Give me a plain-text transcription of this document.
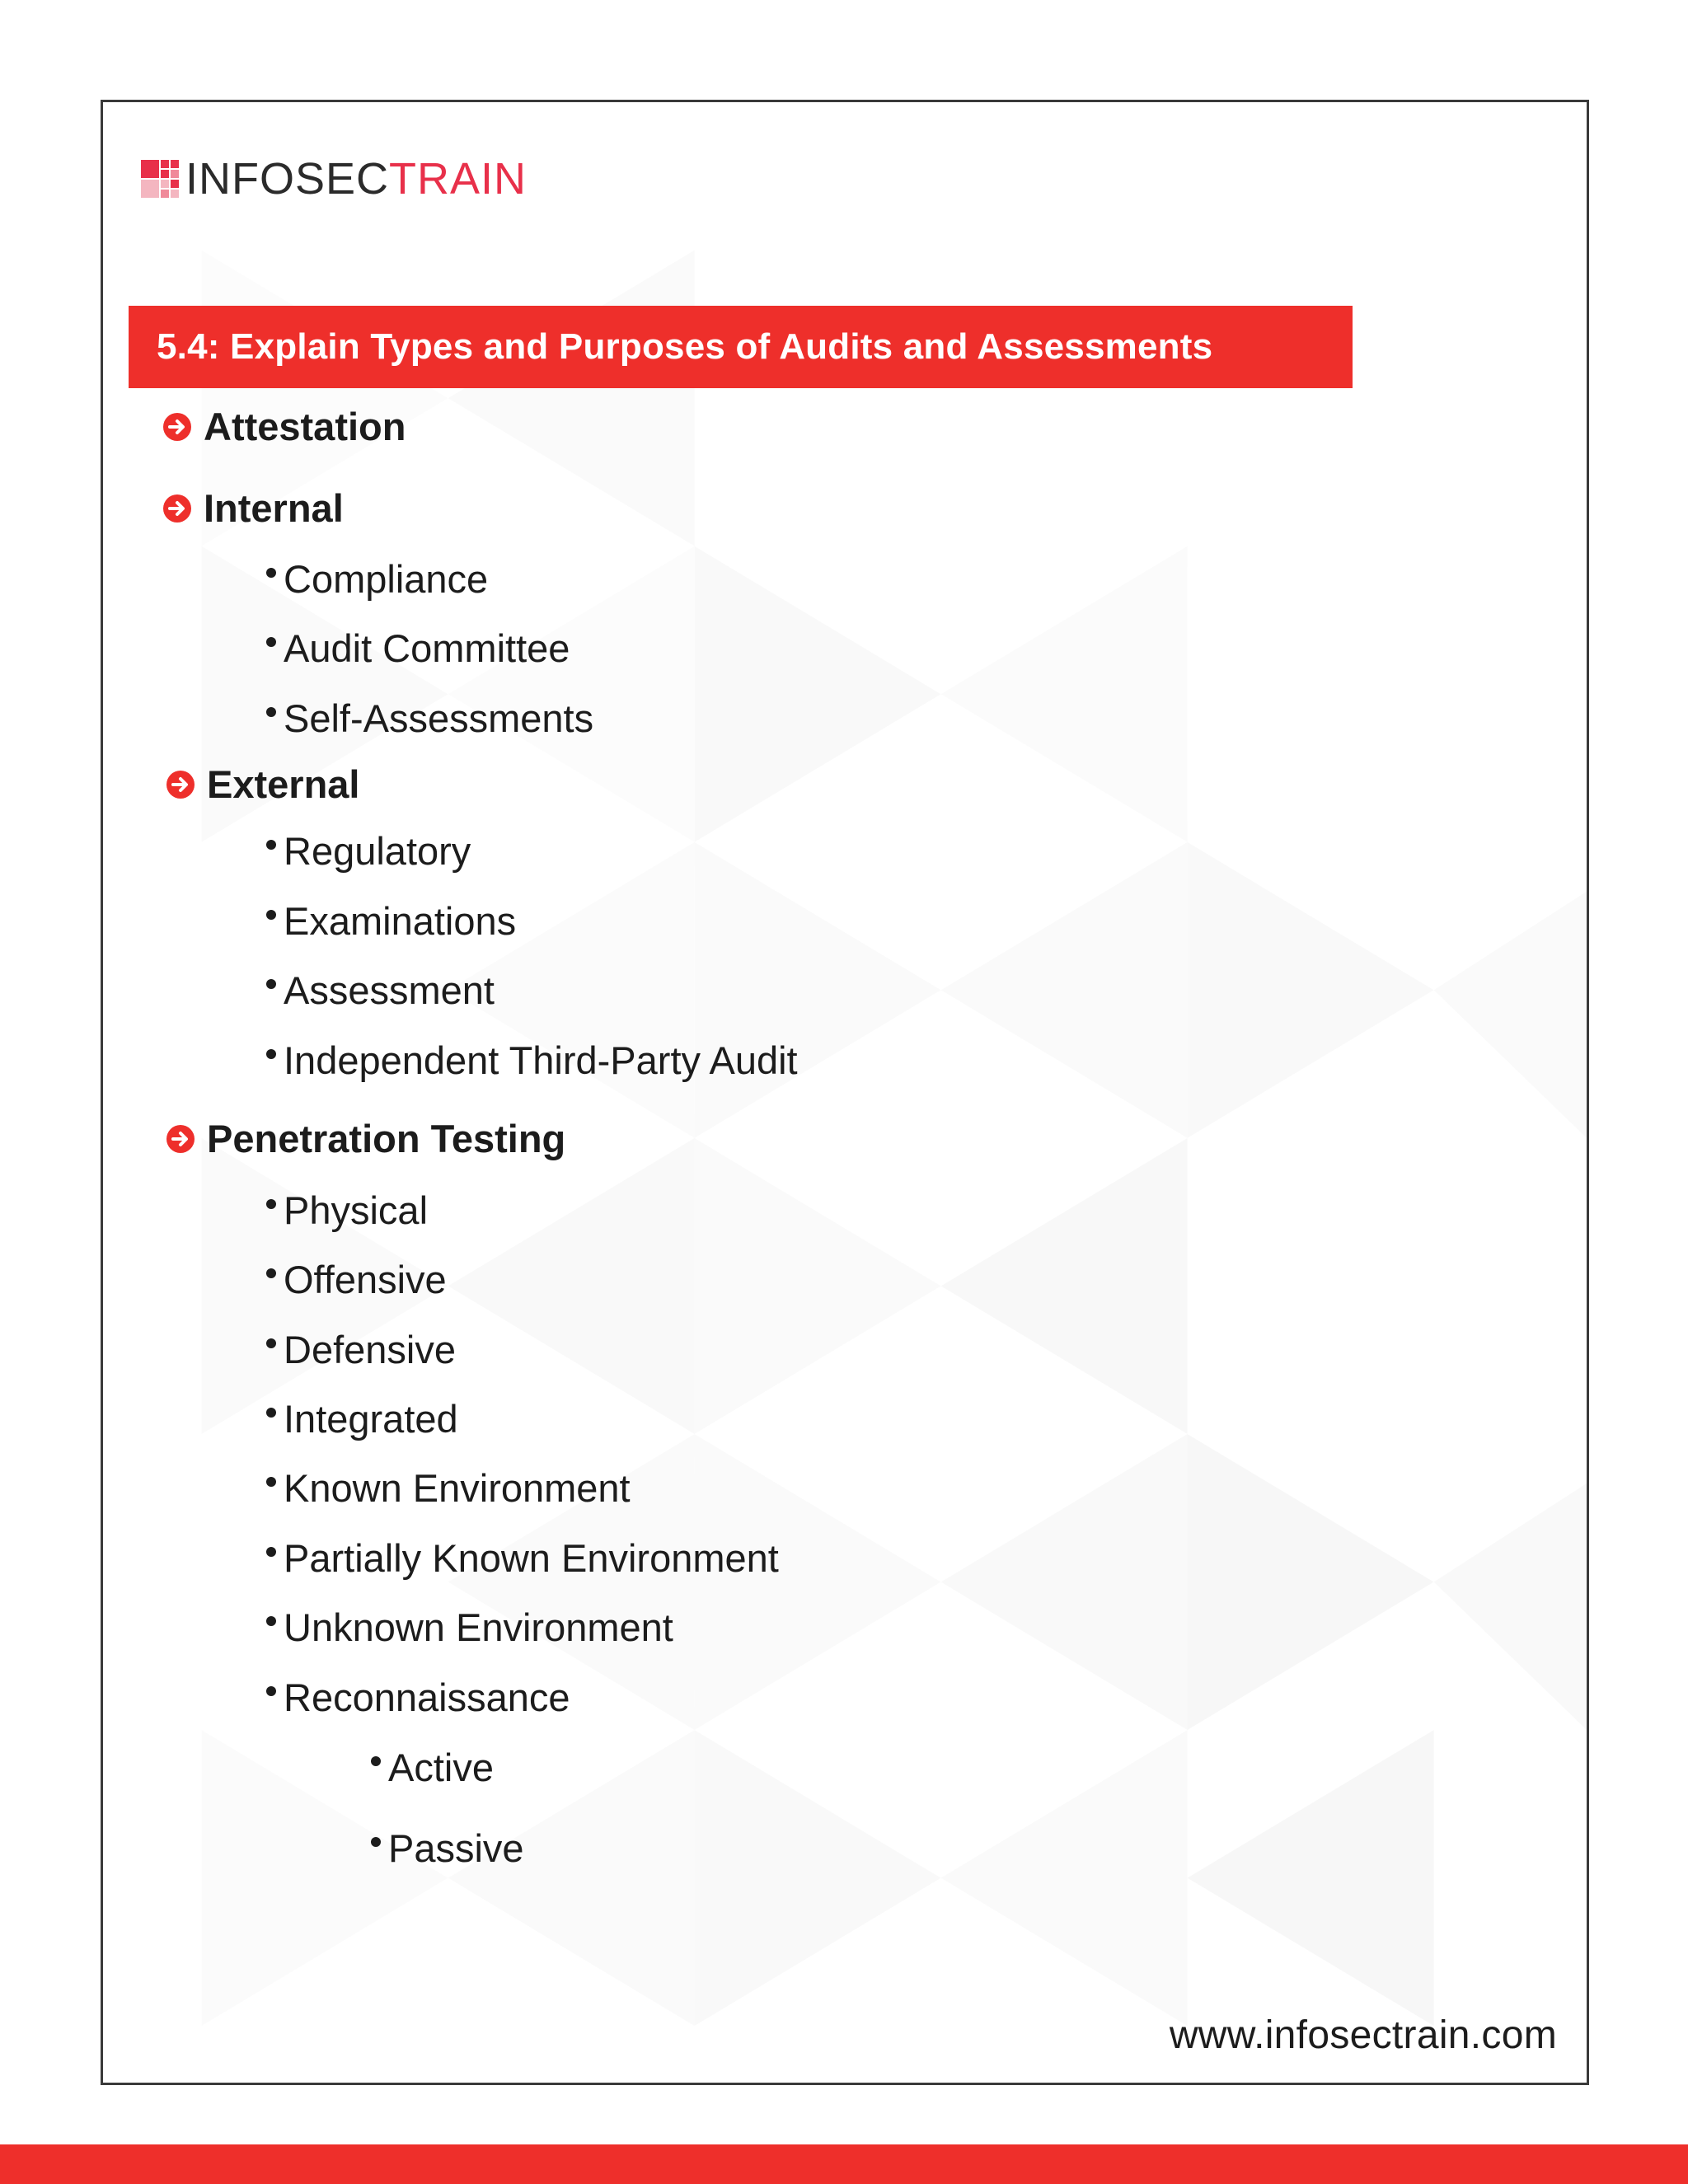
INFOSECTRAIN
5.4: Explain Types and Purposes of Audits and Assessments
Attestation
Internal
Compliance
Audit Committee
Self-Assessments
External
Regulatory
Examinations
Assessment
Independent Third-Party Audit
Penetration Testing
Physical
Offensive
Defensive
Integrated
Known Environment
Partially Known Environment
Unknown Environment
Reconnaissance
Active
Passive
www.infosectrain.com
